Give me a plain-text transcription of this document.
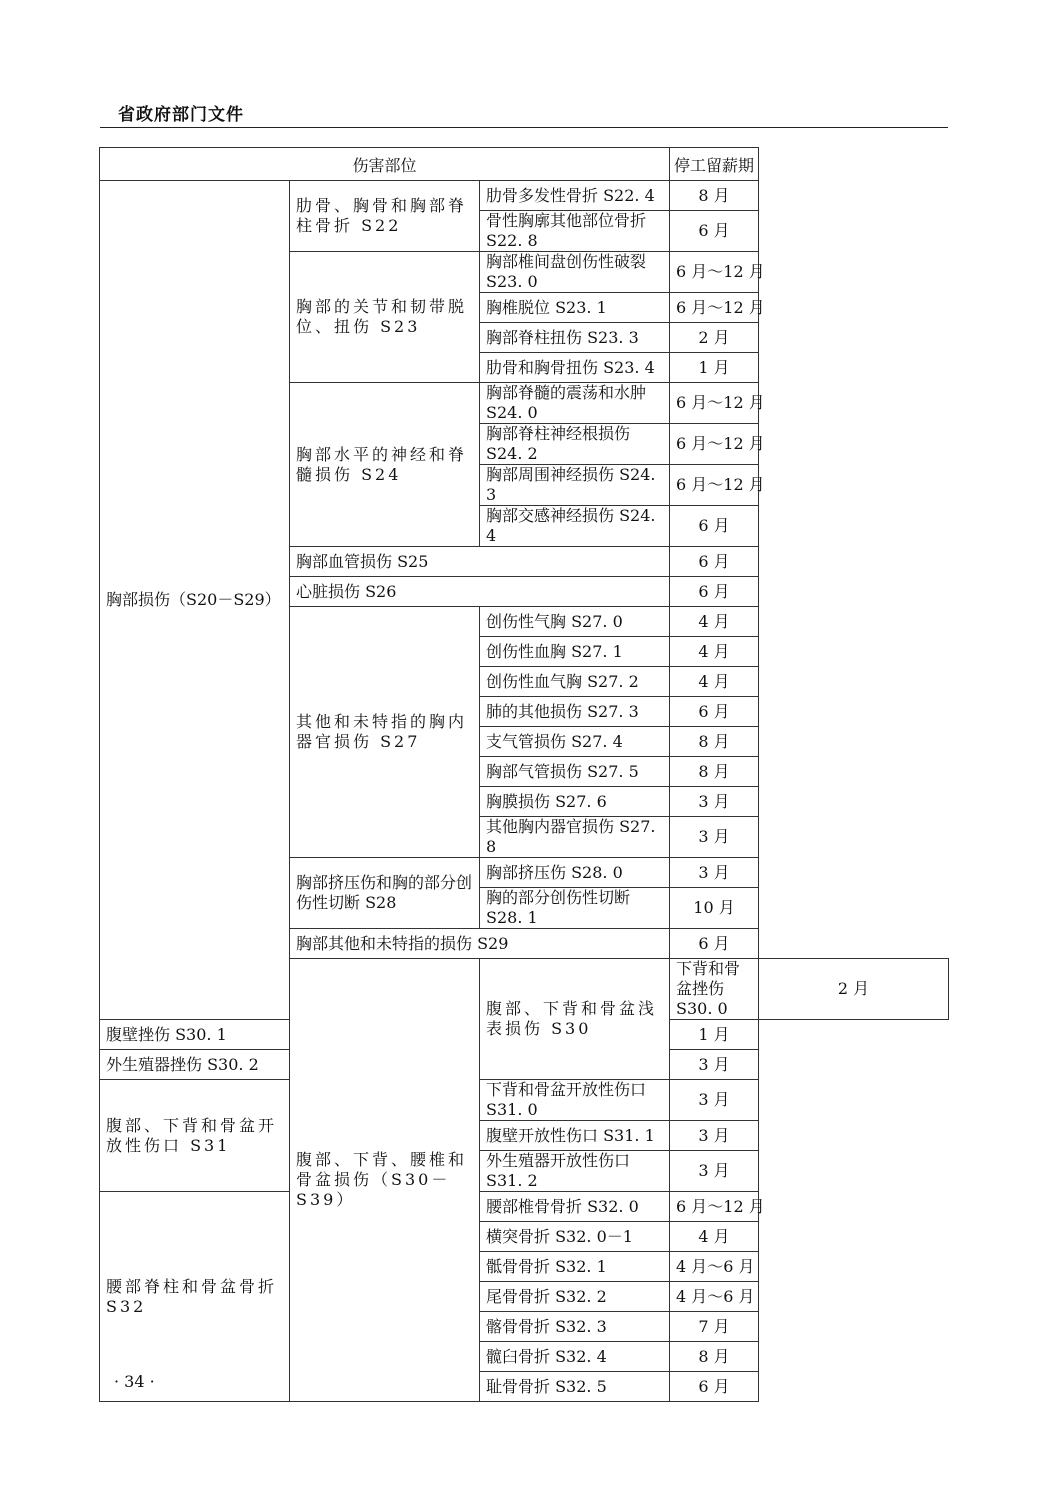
省政府部门文件
伤害部位			停工留薪期	
胸部损伤（S20－S29）	肋骨、胸骨和胸部脊柱骨折 S22	肋骨多发性骨折 S22. 4	8 月	
		骨性胸廓其他部位骨折 S22. 8	6 月	
	胸部的关节和韧带脱位、扭伤 S23	胸部椎间盘创伤性破裂 S23. 0	6 月～12 月	
		胸椎脱位 S23. 1	6 月～12 月	
		胸部脊柱扭伤 S23. 3	2 月	
		肋骨和胸骨扭伤 S23. 4	1 月	
	胸部水平的神经和脊髓损伤 S24	胸部脊髓的震荡和水肿 S24. 0	6 月～12 月	
		胸部脊柱神经根损伤 S24. 2	6 月～12 月	
		胸部周围神经损伤 S24. 3	6 月～12 月	
		胸部交感神经损伤 S24. 4	6 月	
	胸部血管损伤 S25		6 月	
	心脏损伤 S26		6 月	
	其他和未特指的胸内器官损伤 S27	创伤性气胸 S27. 0	4 月	
		创伤性血胸 S27. 1	4 月	
		创伤性血气胸 S27. 2	4 月	
		肺的其他损伤 S27. 3	6 月	
		支气管损伤 S27. 4	8 月	
		胸部气管损伤 S27. 5	8 月	
		胸膜损伤 S27. 6	3 月	
		其他胸内器官损伤 S27. 8	3 月	
	胸部挤压伤和胸的部分创伤性切断 S28	胸部挤压伤 S28. 0	3 月	
		胸的部分创伤性切断 S28. 1	10 月	
	胸部其他和未特指的损伤 S29		6 月	
	腹部、下背、腰椎和骨盆损伤（S30－S39）	腹部、下背和骨盆浅表损伤 S30	下背和骨盆挫伤 S30. 0	2 月
腹壁挫伤 S30. 1			1 月	
外生殖器挫伤 S30. 2			3 月	
腹部、下背和骨盆开放性伤口 S31		下背和骨盆开放性伤口 S31. 0	3 月	
		腹壁开放性伤口 S31. 1	3 月	
		外生殖器开放性伤口 S31. 2	3 月	
腰部脊柱和骨盆骨折 S32		腰部椎骨骨折 S32. 0	6 月～12 月	
		横突骨折 S32. 0－1	4 月	
		骶骨骨折 S32. 1	4 月～6 月	
		尾骨骨折 S32. 2	4 月～6 月	
		髂骨骨折 S32. 3	7 月	
		髋臼骨折 S32. 4	8 月	
		耻骨骨折 S32. 5	6 月	
· 34 ·
